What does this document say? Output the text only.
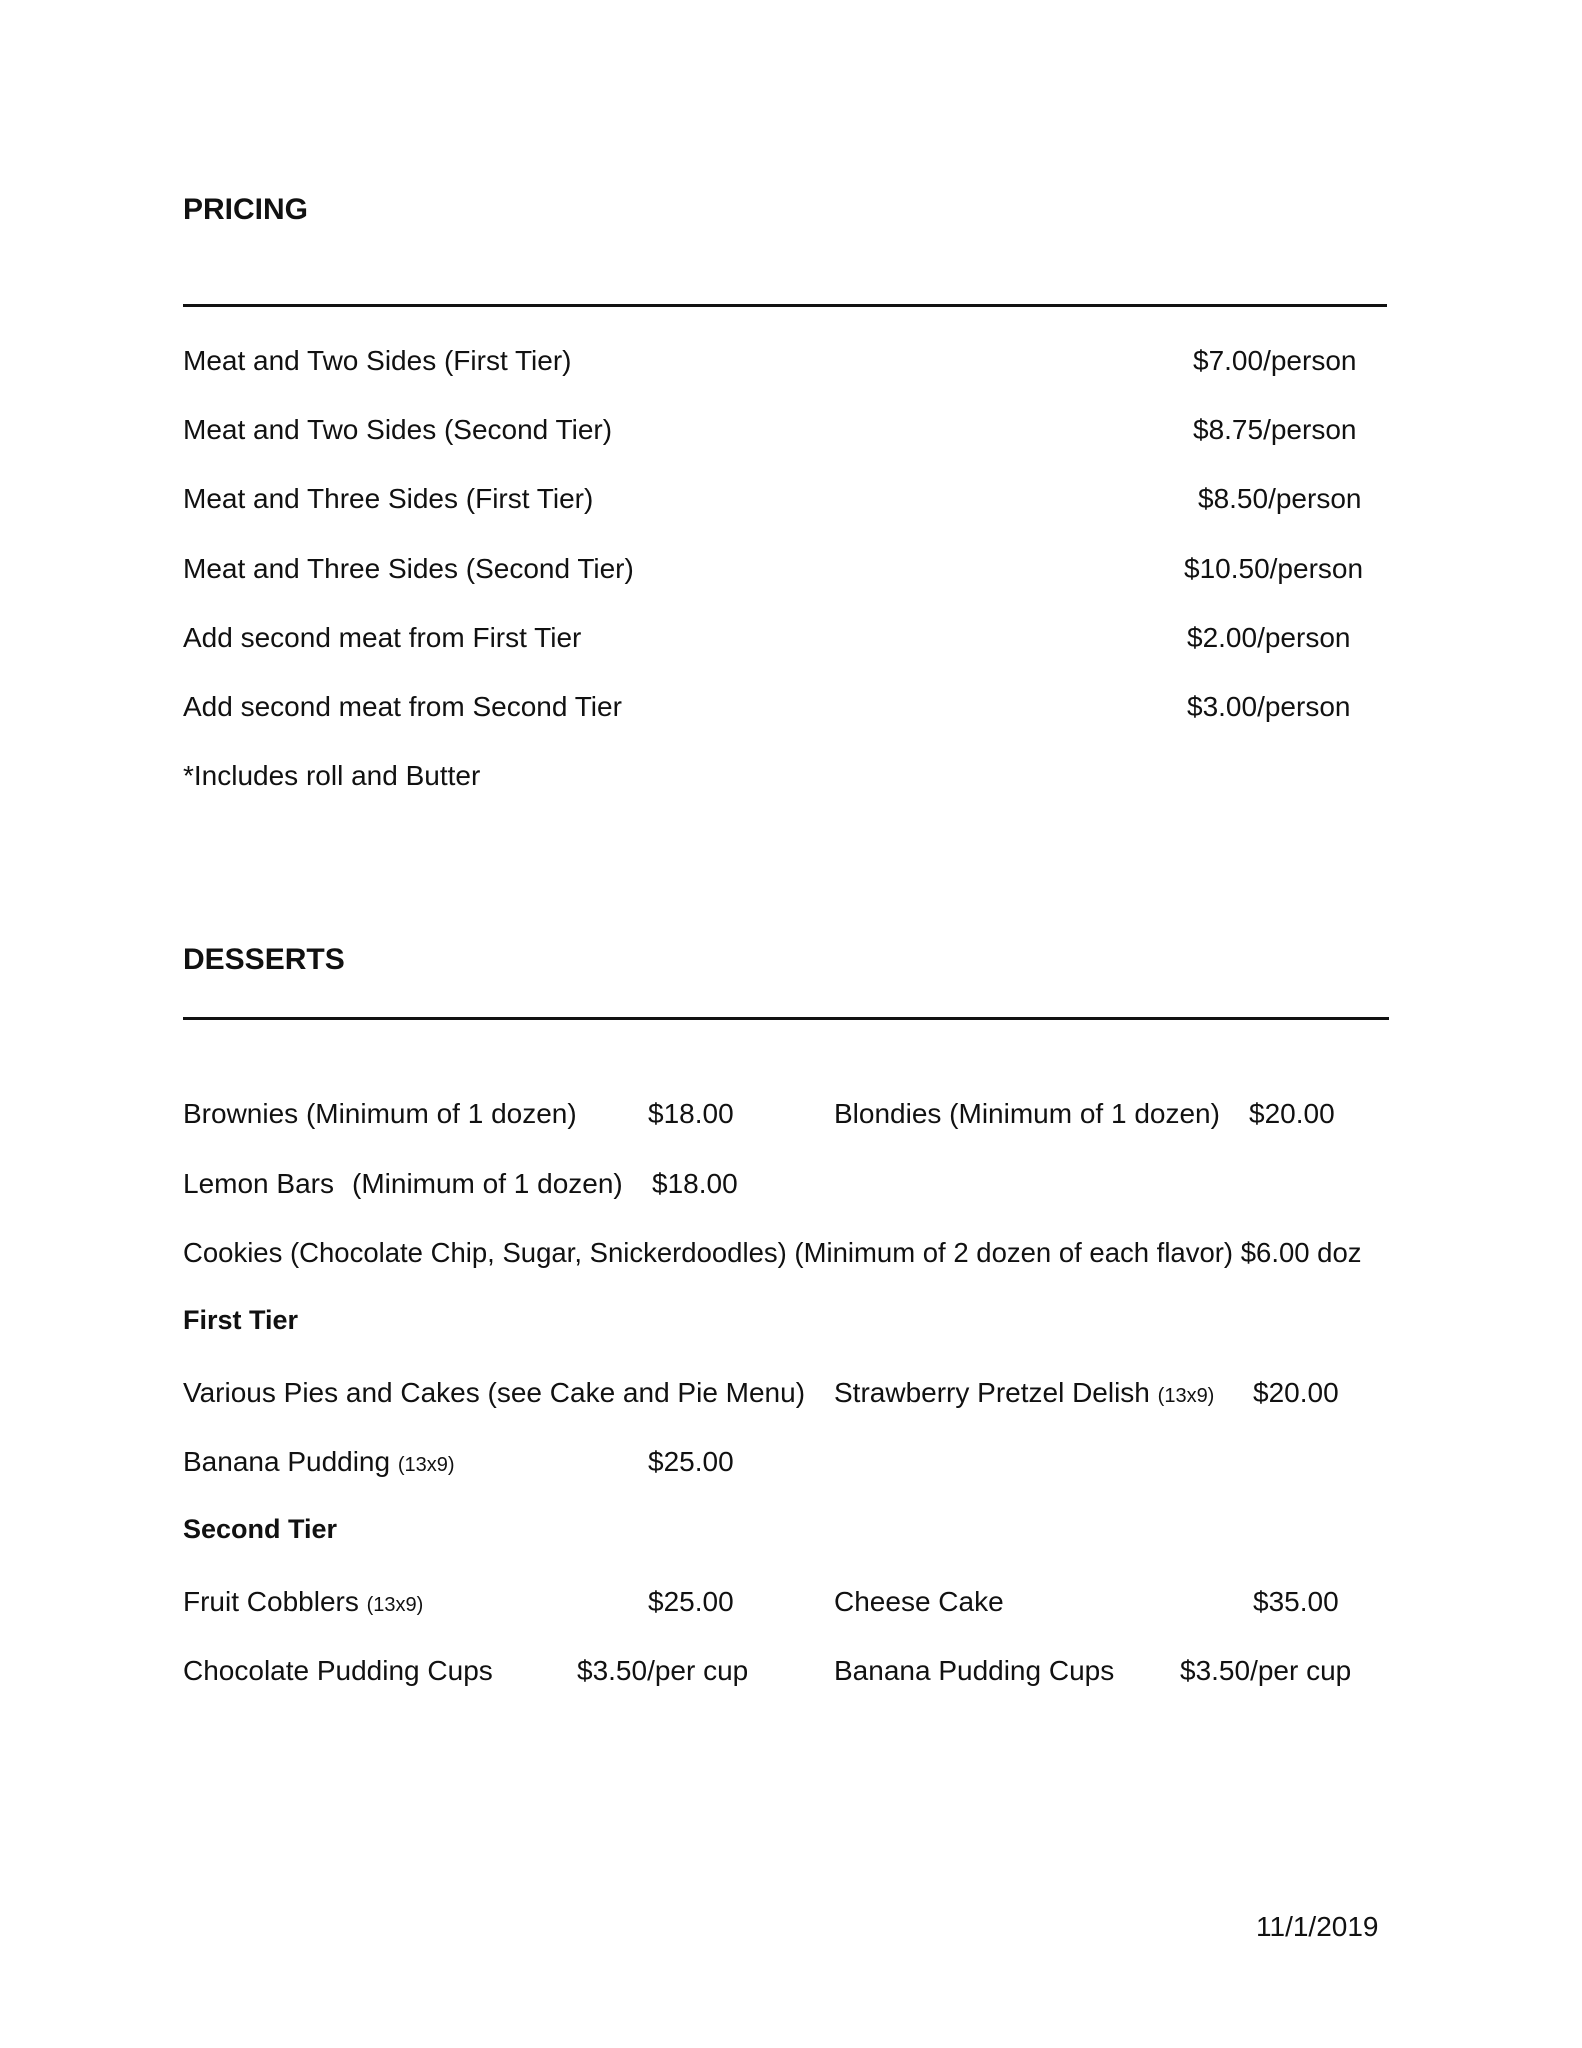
PRICING
Meat and Two Sides (First Tier)	$7.00/person
Meat and Two Sides (Second Tier)	$8.75/person
Meat and Three Sides (First Tier)	$8.50/person
Meat and Three Sides (Second Tier)	$10.50/person
Add second meat from First Tier	$2.00/person
Add second meat from Second Tier	$3.00/person
*Includes roll and Butter
DESSERTS
Brownies (Minimum of 1 dozen)	$18.00	Blondies (Minimum of 1 dozen) $20.00
Lemon Bars (Minimum of 1 dozen) $18.00
Cookies (Chocolate Chip, Sugar, Snickerdoodles) (Minimum of 2 dozen of each flavor) $6.00 doz
First Tier
Various Pies and Cakes (see Cake and Pie Menu) Strawberry Pretzel Delish (13x9) $20.00
Banana Pudding (13x9)	$25.00
Second Tier
Fruit Cobblers (13x9)	$25.00	Cheese Cake	$35.00
Chocolate Pudding Cups	$3.50/per cup	Banana Pudding Cups $3.50/per cup
11/1/2019
